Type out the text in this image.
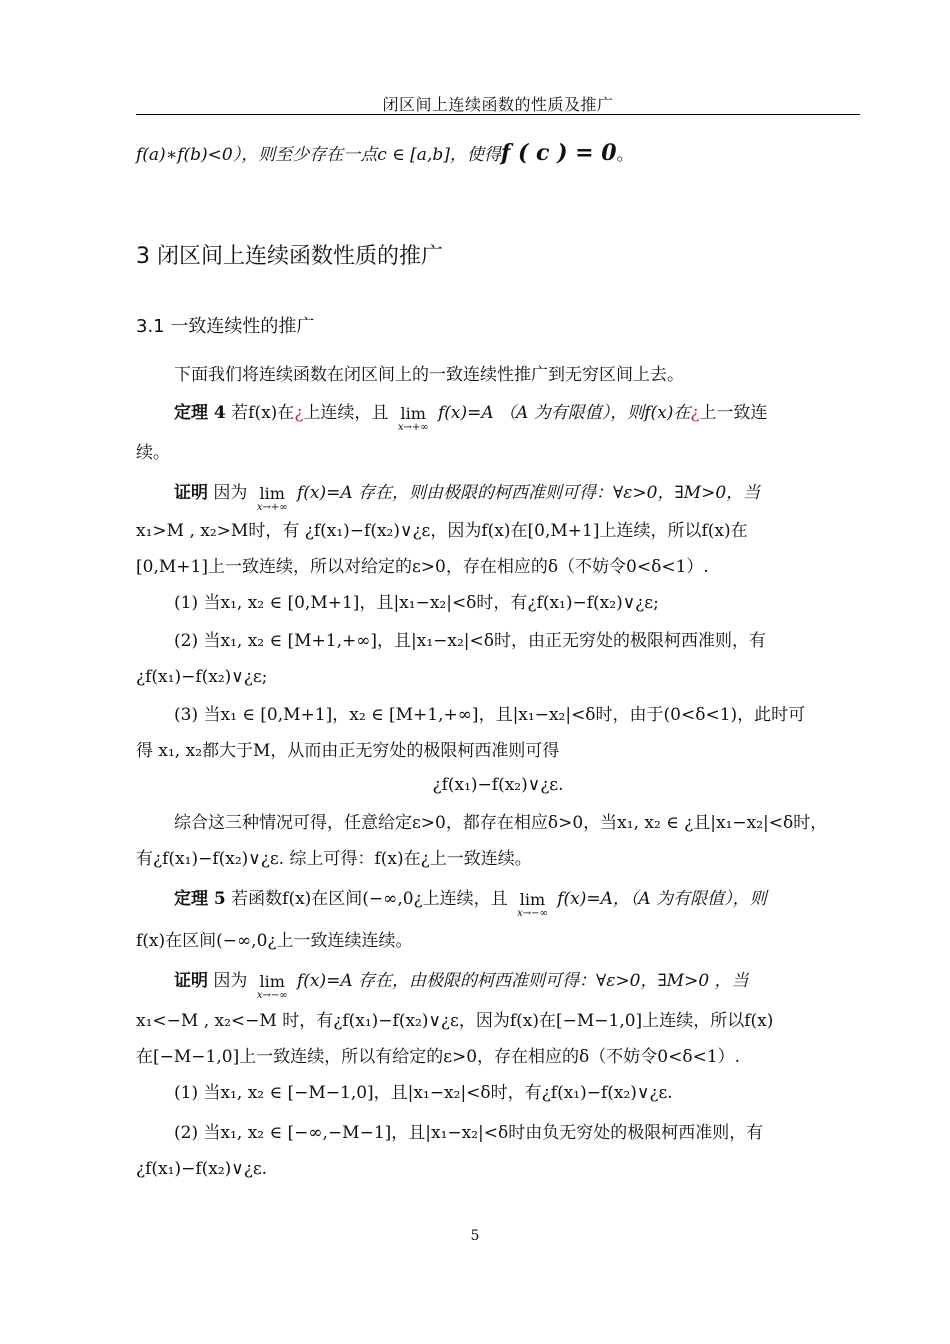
闭区间上连续函数的性质及推广
f(a)∗f(b)<0），则至少存在一点c ∈ [a,b]，使得f ( c ) = 0。
3 闭区间上连续函数性质的推广
3.1 一致连续性的推广
下面我们将连续函数在闭区间上的一致连续性推广到无穷区间上去。
定理 4 若f(x)在¿上连续，且 lim
x→+∞
f(x)=A （A 为有限值），则f(x)在¿上一致连
续。
证明 因为 lim
x→+∞
f(x)=A 存在，则由极限的柯西准则可得：∀ε>0，∃M>0，当
x₁>M , x₂>M时，有 ¿f(x₁)−f(x₂)∨¿ε，因为f(x)在[0,M+1]上连续，所以f(x)在
[0,M+1]上一致连续，所以对给定的ε>0，存在相应的δ（不妨令0<δ<1）.
(1) 当x₁, x₂ ∈ [0,M+1]，且|x₁−x₂|<δ时，有¿f(x₁)−f(x₂)∨¿ε;
(2) 当x₁, x₂ ∈ [M+1,+∞]，且|x₁−x₂|<δ时，由正无穷处的极限柯西准则，有
¿f(x₁)−f(x₂)∨¿ε;
(3) 当x₁ ∈ [0,M+1]，x₂ ∈ [M+1,+∞]，且|x₁−x₂|<δ时，由于(0<δ<1)，此时可
得 x₁, x₂都大于M，从而由正无穷处的极限柯西准则可得
¿f(x₁)−f(x₂)∨¿ε.
综合这三种情况可得，任意给定ε>0，都存在相应δ>0，当x₁, x₂ ∈ ¿且|x₁−x₂|<δ时，
有¿f(x₁)−f(x₂)∨¿ε. 综上可得：f(x)在¿上一致连续。
定理 5 若函数f(x)在区间(−∞,0¿上连续，且 lim
x→−∞
f(x)=A，（A 为有限值），则
f(x)在区间(−∞,0¿上一致连续连续。
证明 因为 lim
x→−∞
f(x)=A 存在，由极限的柯西准则可得：∀ε>0，∃M>0 ，当
x₁<−M , x₂<−M 时，有¿f(x₁)−f(x₂)∨¿ε，因为f(x)在[−M−1,0]上连续，所以f(x)
在[−M−1,0]上一致连续，所以有给定的ε>0，存在相应的δ（不妨令0<δ<1）.
(1) 当x₁, x₂ ∈ [−M−1,0]，且|x₁−x₂|<δ时，有¿f(x₁)−f(x₂)∨¿ε.
(2) 当x₁, x₂ ∈ [−∞,−M−1]，且|x₁−x₂|<δ时由负无穷处的极限柯西准则，有
¿f(x₁)−f(x₂)∨¿ε.
5
